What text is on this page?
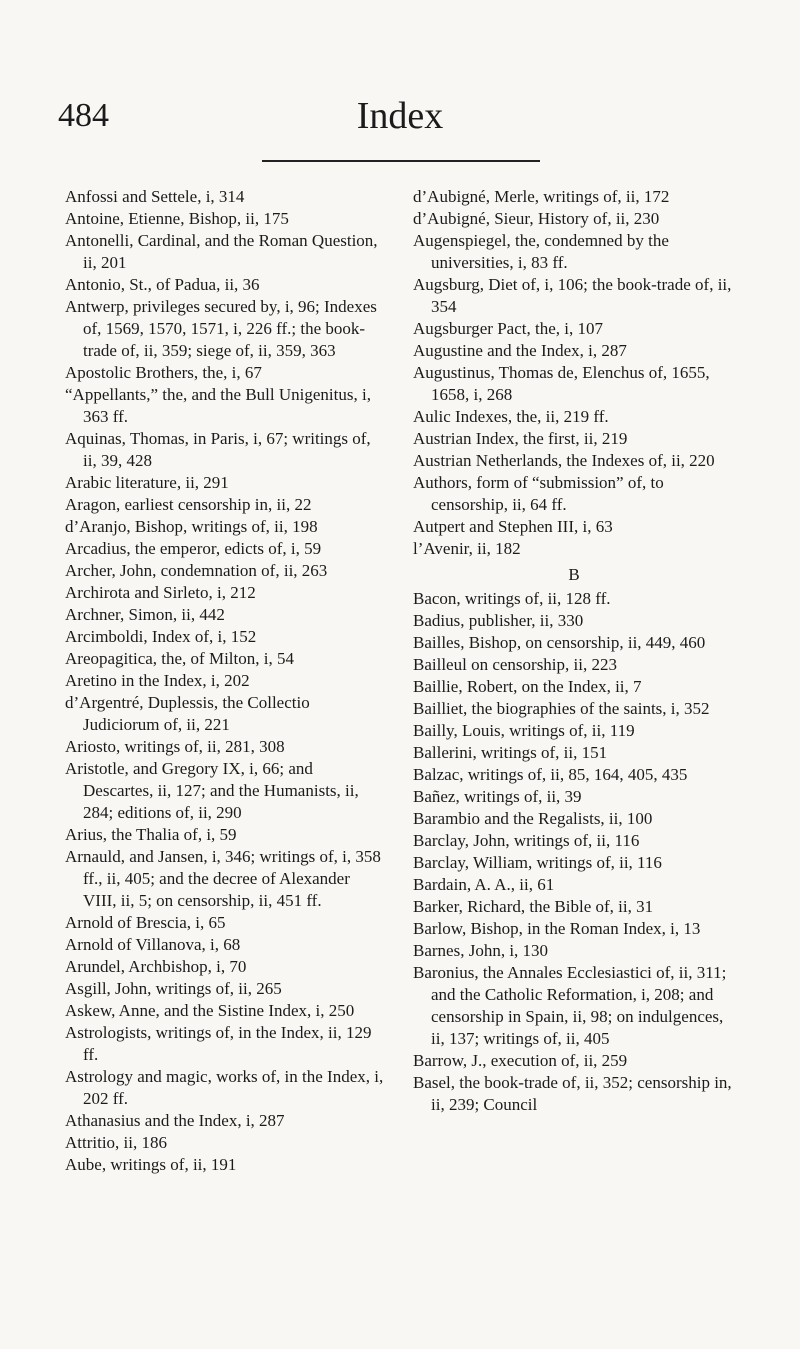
484	Index
Anfossi and Settele, i, 314
Antoine, Etienne, Bishop, ii, 175
Antonelli, Cardinal, and the Roman Question, ii, 201
Antonio, St., of Padua, ii, 36
Antwerp, privileges secured by, i, 96; Indexes of, 1569, 1570, 1571, i, 226 ff.; the book-trade of, ii, 359; siege of, ii, 359, 363
Apostolic Brothers, the, i, 67
“Appellants,” the, and the Bull Unigenitus, i, 363 ff.
Aquinas, Thomas, in Paris, i, 67; writings of, ii, 39, 428
Arabic literature, ii, 291
Aragon, earliest censorship in, ii, 22
d’Aranjo, Bishop, writings of, ii, 198
Arcadius, the emperor, edicts of, i, 59
Archer, John, condemnation of, ii, 263
Archirota and Sirleto, i, 212
Archner, Simon, ii, 442
Arcimboldi, Index of, i, 152
Areopagitica, the, of Milton, i, 54
Aretino in the Index, i, 202
d’Argentré, Duplessis, the Collectio Judiciorum of, ii, 221
Ariosto, writings of, ii, 281, 308
Aristotle, and Gregory IX, i, 66; and Descartes, ii, 127; and the Humanists, ii, 284; editions of, ii, 290
Arius, the Thalia of, i, 59
Arnauld, and Jansen, i, 346; writings of, i, 358 ff., ii, 405; and the decree of Alexander VIII, ii, 5; on censorship, ii, 451 ff.
Arnold of Brescia, i, 65
Arnold of Villanova, i, 68
Arundel, Archbishop, i, 70
Asgill, John, writings of, ii, 265
Askew, Anne, and the Sistine Index, i, 250
Astrologists, writings of, in the Index, ii, 129 ff.
Astrology and magic, works of, in the Index, i, 202 ff.
Athanasius and the Index, i, 287
Attritio, ii, 186
Aube, writings of, ii, 191
d’Aubigné, Merle, writings of, ii, 172
d’Aubigné, Sieur, History of, ii, 230
Augenspiegel, the, condemned by the universities, i, 83 ff.
Augsburg, Diet of, i, 106; the book-trade of, ii, 354
Augsburger Pact, the, i, 107
Augustine and the Index, i, 287
Augustinus, Thomas de, Elenchus of, 1655, 1658, i, 268
Aulic Indexes, the, ii, 219 ff.
Austrian Index, the first, ii, 219
Austrian Netherlands, the Indexes of, ii, 220
Authors, form of “submission” of, to censorship, ii, 64 ff.
Autpert and Stephen III, i, 63
l’Avenir, ii, 182
B
Bacon, writings of, ii, 128 ff.
Badius, publisher, ii, 330
Bailles, Bishop, on censorship, ii, 449, 460
Bailleul on censorship, ii, 223
Baillie, Robert, on the Index, ii, 7
Bailliet, the biographies of the saints, i, 352
Bailly, Louis, writings of, ii, 119
Ballerini, writings of, ii, 151
Balzac, writings of, ii, 85, 164, 405, 435
Bañez, writings of, ii, 39
Barambio and the Regalists, ii, 100
Barclay, John, writings of, ii, 116
Barclay, William, writings of, ii, 116
Bardain, A. A., ii, 61
Barker, Richard, the Bible of, ii, 31
Barlow, Bishop, in the Roman Index, i, 13
Barnes, John, i, 130
Baronius, the Annales Ecclesiastici of, ii, 311; and the Catholic Reformation, i, 208; and censorship in Spain, ii, 98; on indulgences, ii, 137; writings of, ii, 405
Barrow, J., execution of, ii, 259
Basel, the book-trade of, ii, 352; censorship in, ii, 239; Council
